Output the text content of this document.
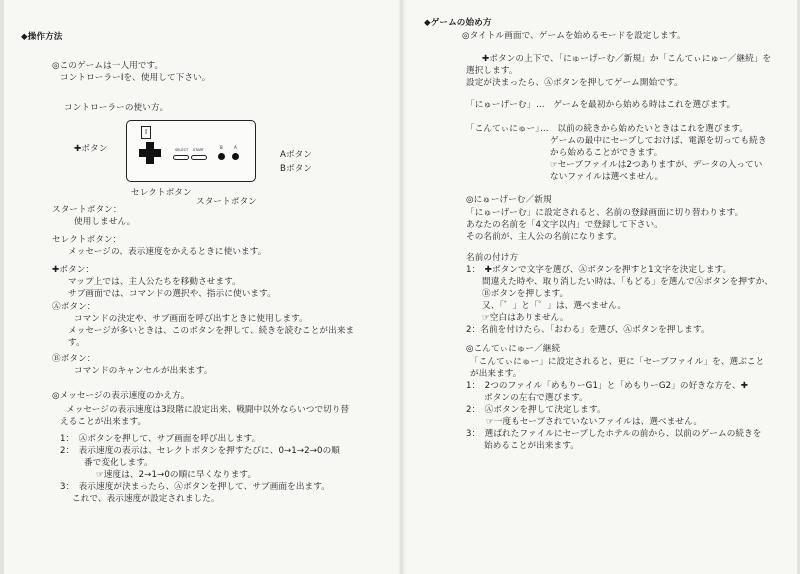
◆操作方法
◎このゲームは一人用です。
コントローラーⅠを、使用して下さい。
コントローラーの使い方。
Ⅰ
SELECT START	B	A
✚ボタン
Aボタン
Bボタン
セレクトボタン
スタートボタン
スタートボタン：
使用しません。
セレクトボタン：
メッセージの、表示速度をかえるときに使います。
✚ボタン：
マップ上では、主人公たちを移動させます。
サブ画面では、コマンドの選択や、指示に使います。
Ⓐボタン：
コマンドの決定や、サブ画面を呼び出すときに使用します。
メッセージが多いときは、このボタンを押して、続きを読むことが出来ま
す。
Ⓑボタン：
コマンドのキャンセルが出来ます。
◎メッセージの表示速度のかえ方。
メッセージの表示速度は3段階に設定出来、戦闘中以外ならいつで切り替
えることが出来ます。
1：　Ⓐボタンを押して、サブ画面を呼び出します。
2：　表示速度の表示は、セレクトボタンを押すたびに、0→1→2→0の順
番で変化します。
☞速度は、2→1→0の順に早くなります。
3：　表示速度が決まったら、Ⓐボタンを押して、サブ画面を出ます。
これで、表示速度が設定されました。
◆ゲームの始め方
◎タイトル画面で、ゲームを始めるモードを設定します。
✚ボタンの上下で、「にゅーげーむ／新規」か「こんてぃにゅー／継続」を
選択します。
設定が決まったら、Ⓐボタンを押してゲーム開始です。
「にゅーげーむ」 …　ゲームを最初から始める時はこれを選びます。
「こんてぃにゅー」
…　以前の続きから始めたいときはこれを選びます。
ゲームの最中にセーブしておけば、電源を切っても続き
から始めることができます。
☞セーブファイルは2つありますが、データの入ってい
ないファイルは選べません。
◎にゅーげーむ／新規
「にゅーげーむ」に設定されると、名前の登録画面に切り替わります。
あなたの名前を「4文字以内」で登録して下さい。
その名前が、主人公の名前になります。
名前の付け方
1：　✚ボタンで文字を選び、Ⓐボタンを押すと1文字を決定します。
間違えた時や、取り消したい時は、「もどる」を選んでⒶボタンを押すか、
Ⓑボタンを押します。
又、「゛」と「゜」は、選べません。
☞空白はありません。
2：名前を付けたら、「おわる」を選び、Ⓐボタンを押します。
◎こんてぃにゅー／継続
「こんてぃにゅー」に設定されると、更に「セーブファイル」を、選ぶこと
が出来ます。
1：　2つのファイル「めもりーG1」と「めもりーG2」の好きな方を、✚
ボタンの左右で選びます。
2：　Ⓐボタンを押して決定します。
☞一度もセーブされていないファイルは、選べません。
3：　選ばれたファイルにセーブしたホテルの前から、以前のゲームの続きを
始めることが出来ます。
